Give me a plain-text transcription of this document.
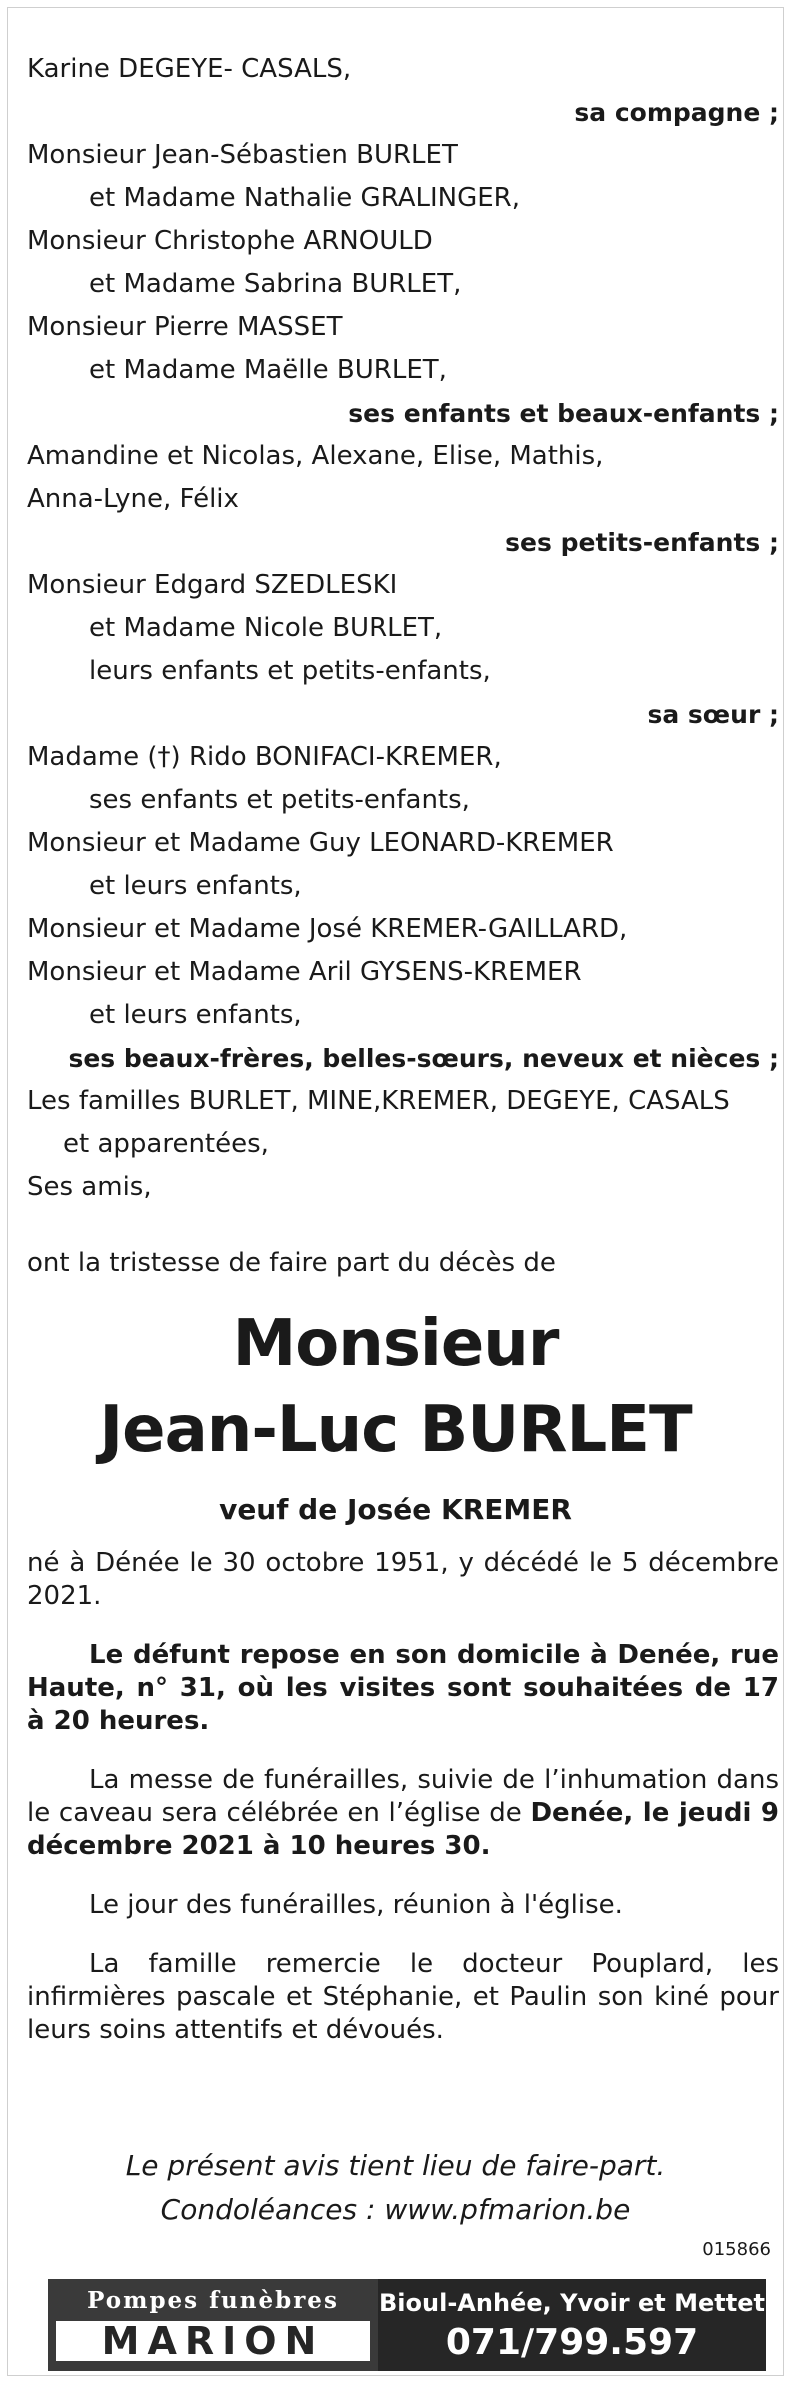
Karine DEGEYE- CASALS,
sa compagne ;
Monsieur Jean-Sébastien BURLET
et Madame Nathalie GRALINGER,
Monsieur Christophe ARNOULD
et Madame Sabrina BURLET,
Monsieur Pierre MASSET
et Madame Maëlle BURLET,
ses enfants et beaux-enfants ;
Amandine et Nicolas, Alexane, Elise, Mathis,
Anna-Lyne, Félix
ses petits-enfants ;
Monsieur Edgard SZEDLESKI
et Madame Nicole BURLET,
leurs enfants et petits-enfants,
sa sœur ;
Madame (†) Rido BONIFACI-KREMER,
ses enfants et petits-enfants,
Monsieur et Madame Guy LEONARD-KREMER
et leurs enfants,
Monsieur et Madame José KREMER-GAILLARD,
Monsieur et Madame Aril GYSENS-KREMER
et leurs enfants,
ses beaux-frères, belles-sœurs, neveux et nièces ;
Les familles BURLET, MINE,KREMER, DEGEYE, CASALS
et apparentées,
Ses amis,
ont la tristesse de faire part du décès de
Monsieur
Jean-Luc BURLET
veuf de Josée KREMER

né à Dénée le 30 octobre 1951, y décédé le 5 décembre 2021.

Le défunt repose en son domicile à Denée, rue Haute, n° 31, où les visites sont souhaitées de 17 à 20 heures.

La messe de funérailles, suivie de l’inhumation dans le caveau sera célébrée en l’église de Denée, le jeudi 9 décembre 2021 à 10 heures 30.

Le jour des funérailles, réunion à l'église.

La famille remercie le docteur Pouplard, les infirmières pascale et Stéphanie, et Paulin son kiné pour leurs soins attentifs et dévoués.

Le présent avis tient lieu de faire-part.
Condoléances : www.pfmarion.be
015866
Pompes funèbres
MARION
Bioul-Anhée, Yvoir et Mettet
071/799.597
